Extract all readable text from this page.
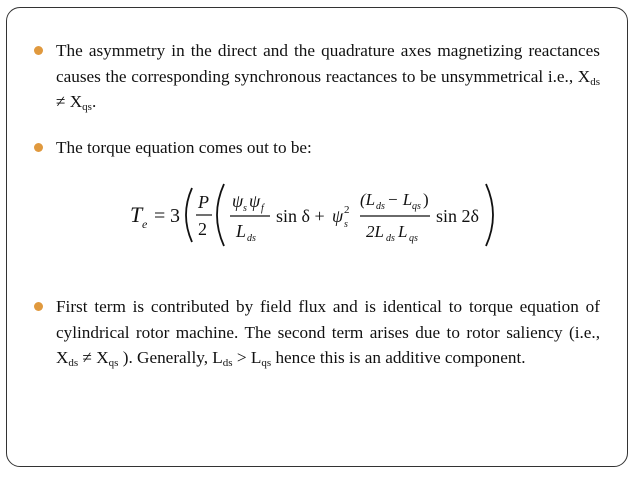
The asymmetry in the direct and the quadrature axes magnetizing reactances causes the corresponding synchronous reactances to be unsymmetrical i.e., $X_{ds} \ne X_{qs}$.
The torque equation comes out to be:
T e = 3
P
2
ψ s ψ f
L ds
sin δ + ψ 2
s
(L ds − L qs )
2L ds L qs
sin 2δ
First term is contributed by field flux and is identical to torque equation of cylindrical rotor machine. The second term arises due to rotor saliency (i.e., $X_{ds} \ne X_{qs}$ ). Generally, $L_{ds} > L_{qs}$ hence this is an additive component.
